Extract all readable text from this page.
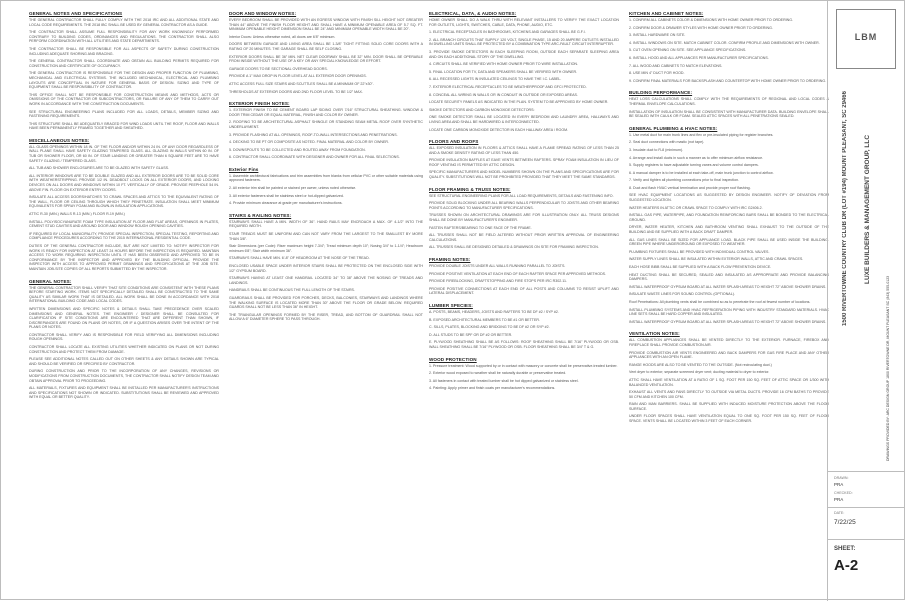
GENERAL NOTES AND SPECIFICATIONS
THE GENERAL CONTRACTOR SHALL FULLY COMPLY WITH THE 2018 IRC AND ALL ADDITIONAL STATE AND LOCAL CODE REQUIREMENTS. THE 2018 IBC SHALL BE USED BY GENERAL CONTRACTOR AS A GUIDE.
THE CONTRACTOR SHALL ASSUME FULL RESPONSIBILITY FOR ANY WORK KNOWINGLY PERFORMED CONTRARY TO BUILDING CODES, ORDINANCES AND REGULATIONS. THE CONTRACTOR SHALL ALSO PERFORM COORDINATION WITH ALL UTILITIES AND STATE DEPARTMENTS.
THE CONTRACTOR SHALL BE RESPONSIBLE FOR ALL ASPECTS OF SAFETY DURING CONSTRUCTION INCLUDING ADEQUATE SHORING AND BRACING.
THE GENERAL CONTRACTOR SHALL COORDINATE AND OBTAIN ALL BUILDING PERMITS REQUIRED FOR CONSTRUCTION AND CERTIFICATE OF OCCUPANCY.
THE GENERAL CONTRACTOR IS RESPONSIBLE FOR THE DESIGN AND PROPER FUNCTION OF PLUMBING, MECHANICAL AND ELECTRICAL SYSTEMS. THE INCLUDED MECHANICAL, ELECTRICAL AND PLUMBING LAYOUTS ARE CONCEPTUAL IN NATURE FOR GENERAL BASIS OF DESIGN. SIZING AND TYPE OF EQUIPMENT SHALL BE RESPONSIBILITY OF CONTRACTOR.
THIS OFFICE SHALL NOT BE RESPONSIBLE FOR CONSTRUCTION MEANS AND METHODS, ACTS OR OMISSIONS OF THE CONTRACTOR OR SUBCONTRACTORS, OR FAILURE OF ANY OF THEM TO CARRY OUT WORK IN ACCORDANCE WITH THE CONSTRUCTION DOCUMENTS.
SEE STRUCTURAL ENGINEERING PLANS INCLUDED FOR ALL LOADS, DETAILS, MEMBER SIZING AND FASTENING REQUIREMENTS.
THIS STRUCTURE SHALL BE ADEQUATELY BRACED FOR WIND LOADS UNTIL THE ROOF, FLOOR AND WALLS HAVE BEEN PERMANENTLY FRAMED TOGETHER AND SHEATHED.
MISCELLANEOUS NOTES:
ALL GLASS OPENINGS WITHIN 18 IN. OF THE FLOOR AND/OR WITHIN 24 IN. OF ANY DOOR REGARDLESS OF WALL PLANE SHALL HAVE SAFETY GLAZING TEMPERED GLASS. ALL GLAZING IN WALLS WITHIN 60 IN. OF TUB OR SHOWER FLOOR, OR 60 IN. OF STAIR LANDING OR GREATER THAN 6 SQUARE FEET ARE TO HAVE SAFETY GLAZING / TEMPERED GLASS.
ALL TUB AND SHOWER ENCLOSURES ARE TO BE GLAZED WITH SAFETY GLASS.
ALL INTERIOR WINDOWS ARE TO BE DOUBLE GLAZED AND ALL EXTERIOR DOORS ARE TO BE SOLID CORE WITH WEATHERSTRIPPING. PROVIDE 1/2 IN. DEADBOLT LOCKS ON ALL EXTERIOR DOORS, AND LOCKING DEVICES ON ALL DOORS AND WINDOWS WITHIN 10 FT. VERTICALLY OF GRADE. PROVIDE PEEPHOLE 54 IN. ABOVE FIN. FLOOR ON EXTERIOR ENTRY DOORS.
INSULATE ALL ACCESS DOORS/HATCHES TO CRAWL SPACES AND ATTICS TO THE EQUIVALENT RATING OF THE WALL, FLOOR OR CEILING THROUGH WHICH THEY PENETRATE. INSULATION SHALL MEET MINIMUM EQUIVALENTS FOR SPRAY FOAM AND BLOWN-IN INSULATION APPLICATIONS.
ATTIC R-30 (MIN.) WALLS R-13 (MIN.) FLOOR R-19 (MIN.)
INSTALL POLYISOCYANURATE FOAM TYPE INSULATION AT FLOOR AND FLAT AREAS, OPENINGS IN PLATES, CEMENT STUD CAVITIES AND AROUND DOOR AND WINDOW ROUGH OPENING CAVITIES.
IF REQUIRED BY LOCAL MUNICIPALITY, PROVIDE SPECIAL INSPECTION, SPECIAL TESTING, REPORTING AND COMPLIANCE PROCEDURES ACCORDING TO THE 2015 INTERNATIONAL RESIDENTIAL CODE.
DUTIES OF THE GENERAL CONTRACTOR INCLUDE, BUT ARE NOT LIMITED TO: NOTIFY INSPECTOR FOR WORK IS READY FOR INSPECTION AT LEAST 24 HOURS BEFORE THE INSPECTION IS REQUIRED. MAINTAIN ACCESS TO WORK REQUIRING INSPECTION UNTIL IT HAS BEEN OBSERVED AND APPROVED TO BE IN CONFORMANCE BY THE INSPECTOR AND APPROVED BY THE BUILDING OFFICIAL. PROVIDE THE INSPECTOR WITH ACCESS TO APPROVED PERMIT DRAWINGS AND SPECIFICATIONS AT THE JOB SITE. MAINTAIN JOB-SITE COPIES OF ALL REPORTS SUBMITTED BY THE INSPECTOR.
GENERAL NOTES:
THE GENERAL CONTRACTOR SHALL VERIFY THAT SITE CONDITIONS ARE CONSISTENT WITH THESE PLANS BEFORE STARTING WORK. ITEMS NOT SPECIFICALLY DETAILED SHALL BE CONSTRUCTED TO THE SAME QUALITY AS SIMILAR WORK THAT IS DETAILED. ALL WORK SHALL BE DONE IN ACCORDANCE WITH 2018 INTERNATIONAL BUILDING CODE AND LOCAL CODES.
WRITTEN DIMENSIONS AND SPECIFIC NOTES & DETAILS SHALL TAKE PRECEDENCE OVER SCALED DIMENSIONS AND GENERAL NOTES. THE ENGINEER / DESIGNER SHALL BE CONSULTED FOR CLARIFICATION IF SITE CONDITIONS ARE ENCOUNTERED THAT ARE DIFFERENT THAN SHOWN, IF DISCREPANCIES ARE FOUND ON PLANS OR NOTES, OR IF A QUESTION ARISES OVER THE INTENT OF THE PLANS OR NOTES.
CONTRACTOR SHALL VERIFY AND IS RESPONSIBLE FOR FIELD VERIFYING ALL DIMENSIONS INCLUDING ROUGH OPENINGS.
CONTRACTOR SHALL LOCATE ALL EXISTING UTILITIES WHETHER INDICATED ON PLANS OR NOT DURING CONSTRUCTION AND PROTECT THEM FROM DAMAGE.
PLEASE SEE ADDITIONAL NOTES CALLED OUT ON OTHER SHEETS & ANY DETAILS SHOWN ARE TYPICAL AND SHOULD BE VERIFIED OR SPECIFIED BY CONTRACTOR.
DURING CONSTRUCTION AND PRIOR TO THE INCORPORATION OF ANY CHANGES, REVISIONS OR MODIFICATIONS FROM CONSTRUCTION DOCUMENTS, THE CONTRACTOR SHALL NOTIFY DESIGN TEAM AND OBTAIN APPROVAL PRIOR TO PROCEEDING.
ALL MATERIALS, FIXTURES AND EQUIPMENT SHALL BE INSTALLED PER MANUFACTURER'S INSTRUCTIONS AND SPECIFICATIONS NOT SHOWN OR INDICATED. SUBSTITUTIONS SHALL BE REVIEWED AND APPROVED WITH EQUAL OR BETTER QUALITY.
DOOR AND WINDOW NOTES:
EVERY BEDROOM SHALL BE PROVIDED WITH AN EGRESS WINDOW WITH FINISH SILL HEIGHT NOT GREATER THAN 44" ABOVE THE FINISH FLOOR HEIGHT AND SHALL HAVE A MINIMUM OPENABLE AREA OF 5.7 SQ. FT. MINIMUM OPENABLE HEIGHT DIMENSION SHALL BE 24" AND MINIMUM OPENABLE WIDTH SHALL BE 20".
Interior Doors: Unless otherwise noted, all doors are 6'8" minimum.
DOORS BETWEEN GARAGE AND LIVING AREA SHALL BE 1-3/8" TIGHT FITTING SOLID CORE DOORS WITH A RATING OF 20 MINUTES. THE GARAGE SHALL BE SELF CLOSING.
EXTERIOR DOORS SHALL BE 36" MIN. NET CLEAR DOORWAY SHALL BE 32" MIN. DOOR SHALL BE OPERABLE FROM INSIDE WITHOUT THE USE OF A KEY OR ANY SPECIAL KNOWLEDGE OR EFFORT.
GARAGE DOORS TO BE SECTIONAL OVERHEAD DOORS.
PROVIDE A 1" MAX DROP IN FLOOR LEVEL AT ALL EXTERIOR DOOR OPENINGS.
ATTIC ACCESS FULL SIZE STAIRS AND SCUTTLES SHALL BE A MINIMUM OF 22"x30".
THRESHOLDS AT EXTERIOR DOORS AND 2ND FLOOR LEVEL TO BE 1/2" MAX.
EXTERIOR FINISH NOTES:
1. EXTERIOR FINISH TO BE CEMENT BOARD LAP SIDING OVER 7/16" STRUCTURAL SHEATHING. WINDOW & DOOR TRIM CEDAR OR EQUAL MATERIAL, FINISH AND COLOR BY OWNER.
2. ROOFING TO BE ARCHITECTURAL ASPHALT SHINGLE OR STANDING SEAM METAL ROOF OVER SYNTHETIC UNDERLAYMENT.
3. PROVIDE FLASHING AT ALL OPENINGS, ROOF-TO-WALL INTERSECTIONS AND PENETRATIONS.
4. DECKING TO BE PT OR COMPOSITE AS NOTED. FINAL MATERIAL AND COLOR BY OWNER.
5. DOWNSPOUTS TO BE COLLECTED AND ROUTED AWAY FROM FOUNDATION.
6. CONTRACTOR SHALL COORDINATE WITH DESIGNER AND OWNER FOR ALL FINAL SELECTIONS.
Exterior Fins
1. Assemble architectural fabrications and trim assemblies from blanks from cellular PVC or other suitable materials using approved fasteners.
2. All exterior trim shall be painted or stained per owner, unless noted otherwise.
3. All exterior fasteners shall be stainless steel or hot-dipped galvanized.
4. Provide minimum clearance at grade per manufacturer's instructions.
STAIRS & RAILING NOTES:
STAIRWAYS SHALL HAVE A MIN. WIDTH OF 36". HAND RAILS MAY ENCROACH A MAX. OF 4-1/2" INTO THE REQUIRED WIDTH.
STAIR TREADS MUST BE UNIFORM AND CAN NOT VARY FROM THE LARGEST TO THE SMALLEST BY MORE THAN 3/8".
Stair Dimensions (per Code): Riser maximum height 7-3/4"; Tread minimum depth 10"; Nosing 3/4" to 1-1/4"; Headroom minimum 6'8"; Stair width minimum 36".
STAIRWAYS SHALL HAVE MIN. 6'-8" OF HEADROOM AT THE NOSE OF THE TREAD.
ENCLOSED USABLE SPACE UNDER INTERIOR STAIRS SHALL BE PROTECTED ON THE ENCLOSED SIDE WITH 1/2" GYPSUM BOARD.
STAIRWAYS HAVING AT LEAST ONE HANDRAIL LOCATED 34" TO 38" ABOVE THE NOSING OF TREADS AND LANDINGS.
HANDRAILS SHALL BE CONTINUOUS THE FULL LENGTH OF THE STAIRS.
GUARDRAILS SHALL BE PROVIDED FOR PORCHES, DECKS, BALCONIES, STAIRWAYS AND LANDINGS WHERE THE WALKING SURFACE IS LOCATED MORE THAN 30" ABOVE THE FLOOR OR GRADE BELOW. REQUIRED GUARDS SHALL NOT BE LESS THAN 36" IN HEIGHT.
THE TRIANGULAR OPENINGS FORMED BY THE RISER, TREAD, AND BOTTOM OF GUARDRAIL SHALL NOT ALLOW A 6" DIAMETER SPHERE TO PASS THROUGH.
ELECTRICAL, DATA, & AUDIO NOTES:
HOME OWNER SHALL DO A WALK THRU WITH RELEVANT INSTALLERS TO VERIFY THE EXACT LOCATION FOR OUTLETS, LIGHTS, SWITCHES, CABLE, DATA, PHONE, AUDIO, ETC.
1. ELECTRICAL RECEPTACLES IN BATHROOMS, KITCHENS AND GARAGES SHALL BE G.F.I.
2. ALL BRANCH CIRCUITS THAT SUPPLY 120 VOLT, SINGLE PHASE, 15 AND 20 AMPERE OUTLETS INSTALLED IN DWELLING UNITS SHALL BE PROTECTED BY A COMBINATION TYPE ARC-FAULT CIRCUIT INTERRUPTER.
3. PROVIDE SMOKE DETECTORS IN EACH SLEEPING ROOM, OUTSIDE EACH SEPARATE SLEEPING AREA AND ON EACH ADDITIONAL STORY OF THE DWELLING.
4. CIRCUITS SHALL BE VERIFIED WITH HOME OWNER PRIOR TO WIRE INSTALLATION.
5. FINAL LOCATION FOR TV, DATA AND SPEAKERS SHALL BE VERIFIED WITH OWNER.
6. ALL RECESSED LIGHTS IN INSULATED CEILINGS TO HAVE THE I.C. LABEL.
7. EXTERIOR ELECTRICAL RECEPTACLES TO BE WEATHERPROOF AND GFCI PROTECTED.
8. CONCEAL ALL WIRING IN WALLS OR IN CONDUIT IN OUTSIDE OR EXPOSED AREAS.
LOCATE SECURITY PANELS AS INDICATED IN THE PLAN. SYSTEM TO BE APPROVED BY HOME OWNER.
SMOKE DETECTORS AND CARBON MONOXIDE DETECTORS:
ONE SMOKE DETECTOR SHALL BE LOCATED IN EVERY BEDROOM AND LAUNDRY AREA, HALLWAYS AND LIVING AREA AND SHALL BE HARDWIRED & INTERCONNECTED.
LOCATE ONE CARBON MONOXIDE DETECTOR IN EACH HALLWAY AREA / ROOM.
FLOORS AND ROOFS
ALL EXPOSED INSULATION IN FLOORS & ATTICS SHALL HAVE A FLAME SPREAD RATING OF LESS THAN 25 AND A SMOKE DENSITY RATING OF LESS THAN 450.
PROVIDE INSULATION BAFFLES AT EAVE VENTS BETWEEN RAFTERS. SPRAY FOAM INSULATION IN LIEU OF ROOF VENTING IS PERMITTED BY ATTIC DESIGN.
SPECIFIC MANUFACTURERS AND MODEL NUMBERS SHOWN ON THE PLANS AND SPECIFICATIONS ARE FOR QUALITY. SUBSTITUTIONS WILL NOT BE PROHIBITED PROVIDED THAT THEY MEET THE SAME STANDARDS.
FLOOR FRAMING & TRUSS NOTES:
SEE STRUCTURAL ENGINEERING PLANS FOR ALL LOAD REQUIREMENTS, DETAILS AND FASTENING INFO.
PROVIDE SOLID BLOCKING UNDER ALL BEARING WALLS PERPENDICULAR TO JOISTS AND OTHER BEARING POINTS ACCORDING TO MANUFACTURER SPECIFICATIONS.
TRUSSES SHOWN ON ARCHITECTURAL DRAWINGS ARE FOR ILLUSTRATION ONLY. ALL TRUSS DESIGNS SHALL BE DONE BY MANUFACTURER'S ENGINEER.
FASTEN RAFTERS/BEARING TO ONE FACE OF THE FRAME.
ALL TRUSSES SHALL NOT BE FIELD ALTERED WITHOUT PRIOR WRITTEN APPROVAL OF ENGINEERING CALCULATIONS.
ALL TRUSSES SHALL BE DESIGNED DETAILED & DRAWINGS ON SITE FOR FRAMING INSPECTION.
FRAMING NOTES:
PROVIDE DOUBLE JOISTS UNDER ALL WALLS RUNNING PARALLEL TO JOISTS.
PROVIDE POSITIVE VENTILATION AT EACH END OF EACH RAFTER SPACE PER APPROVED METHODS.
PROVIDE FIREBLOCKING, DRAFTSTOPPING AND FIRE STOPS PER IRC R302.11.
PROVIDE POSITIVE CONNECTIONS AT EACH END OF ALL POSTS AND COLUMNS TO RESIST UPLIFT AND LATERAL DISPLACEMENT.
LUMBER SPECIES:
A. POSTS, BEAMS, HEADERS, JOISTS AND RAFTERS TO BE DF #2 / SYP #2.
B. EXPOSED ARCHITECTURAL MEMBERS TO BE #1 OR BETTER.
C. SILLS, PLATES, BLOCKING AND BRIDGING TO BE DF #2 OR SYP #2.
D. ALL STUDS TO BE SPF OR DF #2 OR BETTER.
E. PLYWOOD SHEATHING SHALL BE AS FOLLOWS: ROOF SHEATHING SHALL BE 7/16" PLYWOOD OR OSB. WALL SHEATHING SHALL BE 7/16" PLYWOOD OR OSB. FLOOR SHEATHING SHALL BE 3/4" T & G.
WOOD PROTECTION
1. Pressure treatment: Wood supported by or in contact with masonry or concrete shall be preservative-treated lumber.
2. Exterior wood exposed to weather shall be naturally durable or preservative treated.
3. All fasteners in contact with treated lumber shall be hot dipped galvanized or stainless steel.
4. Painting: Apply primer and finish coats per manufacturer's recommendations.
KITCHEN AND CABINET NOTES:
1. CONFIRM ALL CABINETS COLOR & DIMENSIONS WITH HOME OWNER PRIOR TO ORDERING.
2. CONFIRM DOOR & DRAWER STYLES WITH HOME OWNER PRIOR TO ORDERING.
3. INSTALL HARDWARE ON SITE.
4. INSTALL WINDOWS ON SITE. MATCH CABINET COLOR. CONFIRM PROFILE AND DIMENSIONS WITH OWNER.
5. CUT OVEN OPENING ON SITE. SEE APPLIANCE SPECIFICATIONS.
6. INSTALL HOOD AND ALL APPLIANCES PER MANUFACTURER SPECIFICATIONS.
7. ALL WOOD AND CABINETS TO MATCH ELEVATIONS.
8. USE MIN 4" DUCT FOR HOOD.
9. CONFIRM FINAL MATERIALS FOR BACKSPLASH AND COUNTERTOP WITH HOME OWNER PRIOR TO ORDERING.
BUILDING PERFORMANCE:
HEAT LOSS CALCULATIONS SHALL COMPLY WITH THE REQUIREMENTS OF REGIONAL AND LOCAL CODES & THERMAL ENVELOPE CALCULATIONS.
INSTALLATION OF INSULATION SHALL BE CONSISTENT WITH MANUFACTURER DATA. BUILDING ENVELOPE SHALL BE SEALED WITH CAULK OR FOAM. SEALED ATTIC SPACES WITH ALL PENETRATIONS SEALED.
GENERAL PLUMBING & HVAC NOTES:
1. Use metal duct for main trunk lines and flex or pre-insulated piping for register branches.
2. Seal duct connections with mastic (not tape).
3. Insulate duct to R-8 (minimum).
4. Arrange and install ducts in such a manner as to offer minimum airflow resistance.
5. Supply registers to have adjustable turning vanes and volume control dampers.
6. A manual damper is to be installed at each take-off, main trunk junction to control airflow.
7. Verify and tighten all plumbing connections prior to final inspection.
8. Duct and flash HVAC vertical termination and provide proper roof flashing.
SEE HVAC EQUIPMENT LOCATIONS AS SUGGESTED BY DESIGN ENGINEER. NOTIFY OF DEVIATION FROM SUGGESTED LOCATION.
WATER HEATERS IN ATTIC OR CRAWL SPACE TO COMPLY WITH IRC G2406.2.
INSTALL GAS PIPE, WATERPIPE, AND FOUNDATION REINFORCING BARS SHALL BE BONDED TO THE ELECTRICAL GROUND.
DRYER, WATER HEATER, KITCHEN AND BATHROOM VENTING SHALL EXHAUST TO THE OUTSIDE OF THE BUILDING AND BE SUPPLIED WITH A BACK DRAFT DAMPER.
ALL GAS LINES SHALL BE SIZED FOR APPLIANCE LOAD. BLACK PIPE SHALL BE USED INSIDE THE BUILDING. GREEN PIPE WHERE UNDERGROUND OR EXPOSED TO WEATHER.
PLUMBING FIXTURES SHALL BE PROVIDED WITH INDIVIDUAL CONTROL VALVES.
WATER SUPPLY LINES SHALL BE INSULATED WITHIN EXTERIOR WALLS, ATTIC AND CRAWL SPACES.
EACH HOSE BIBB SHALL BE SUPPLIED WITH A BACK FLOW PREVENTION DEVICE.
HEAT DUCTING SHALL BE SECURED, SEALED AND INSULATED AS APPROPRIATE AND PROVIDE BALANCING DAMPERS.
INSTALL WATERPROOF GYPSUM BOARD AT ALL WATER SPLASH AREAS TO HEIGHT 72" ABOVE SHOWER DRAINS.
INSULATE WASTE LINES FOR SOUND CONTROL (OPTIONAL).
Roof Penetrations: All plumbing vents shall be combined so as to penetrate the roof at fewest number of locations.
INSTALL PLUMBING SYSTEMS AND HVAC REFRIGERATION PIPING WITH INDUSTRY STANDARD MATERIALS. HVAC LINE SETS SHALL BE HARD COPPER AND INSULATED.
INSTALL WATERPROOF GYPSUM BOARD AT ALL WATER SPLASH AREAS TO HEIGHT 72" ABOVE SHOWER DRAINS.
VENTILATION NOTES:
ALL COMBUSTION APPLIANCES SHALL BE VENTED DIRECTLY TO THE EXTERIOR. FURNACE, FIREBOX AND FIREPLACE SHALL PROVIDE COMBUSTION AIR.
PROVIDE COMBUSTION AIR VENTS ENGINEERED AND BACK DAMPERS FOR GAS FIRE PLACE AND ANY OTHER APPLIANCES WITH AN OPEN FLAME.
RANGE HOODS ARE ALSO TO BE VENTED TO THE OUTSIDE. (Not recirculating duct.)
Vent dryer to exterior; separate screened dryer vent; ducting material to dryer to exterior.
ATTIC SHALL HAVE VENTILATION AT A RATIO OF 1 SQ. FOOT PER 150 SQ. FEET OF ATTIC SPACE OR 1/300 WITH BALANCED VENTILATION.
EXHAUST ALL VENTS AND FANS DIRECTLY TO OUTSIDE VIA METAL DUCTS. PROVIDE 16 CFM BATHS TO PROVIDE 50 CFM AND KITCHEN 100 CFM.
RAIN AND MAN BARRIERS. SHALL BE SUPPLIED WITH INDUCED MOISTURE PROTECTION ABOVE THE FLOOR SURFACE.
UNDER FLOOR SPACES SHALL HAVE VENTILATION EQUAL TO ONE SQ. FOOT PER 150 SQ. FEET OF FLOOR SPACE. VENTS SHALL BE LOCATED WITHIN 3 FEET OF EACH CORNER.
LBM
1500 RIVERTOWNE COUNTRY CLUB DR (LOT #194) MOUNT PLEASANT, SC 29466 LUXE BUILDERS & MANAGEMENT GROUP, LLC
DRAWINGS PROVIDED BY: ARC DESIGN GROUP 1800 RIVERTOWNE DR, MOUNT PLEASANT SC (843) 555-0123
DRAWN:
PRA
CHECKED:
PRA
DATE:
7/22/25
SHEET:
A-2
